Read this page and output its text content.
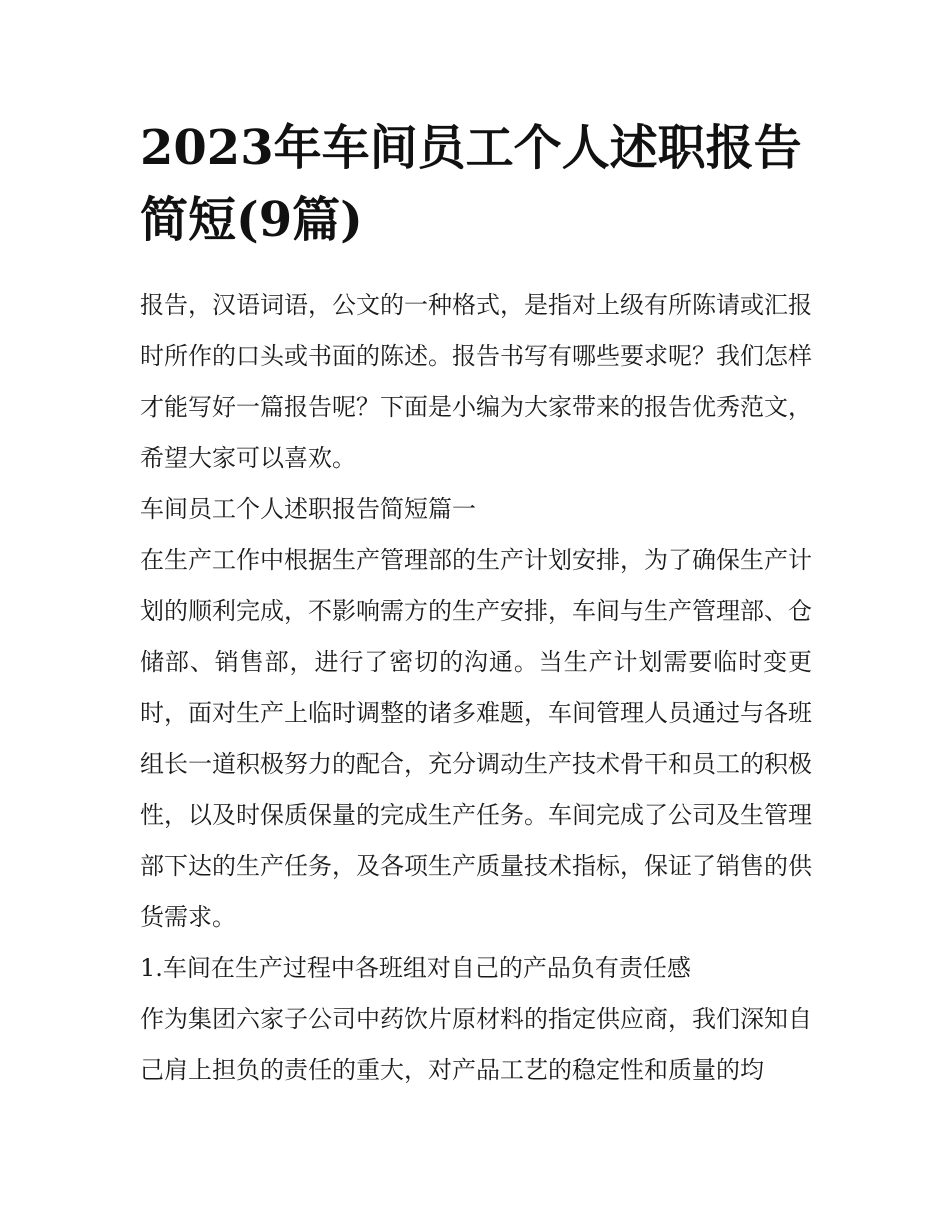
2023年车间员工个人述职报告简短(9篇)

报告，汉语词语，公文的一种格式，是指对上级有所陈请或汇报时所作的口头或书面的陈述。报告书写有哪些要求呢？我们怎样才能写好一篇报告呢？下面是小编为大家带来的报告优秀范文，希望大家可以喜欢。

车间员工个人述职报告简短篇一

在生产工作中根据生产管理部的生产计划安排，为了确保生产计划的顺利完成，不影响需方的生产安排，车间与生产管理部、仓储部、销售部，进行了密切的沟通。当生产计划需要临时变更时，面对生产上临时调整的诸多难题，车间管理人员通过与各班组长一道积极努力的配合，充分调动生产技术骨干和员工的积极性，以及时保质保量的完成生产任务。车间完成了公司及生管理部下达的生产任务，及各项生产质量技术指标，保证了销售的供货需求。

1.车间在生产过程中各班组对自己的产品负有责任感

作为集团六家子公司中药饮片原材料的指定供应商，我们深知自己肩上担负的责任的重大，对产品工艺的稳定性和质量的均
